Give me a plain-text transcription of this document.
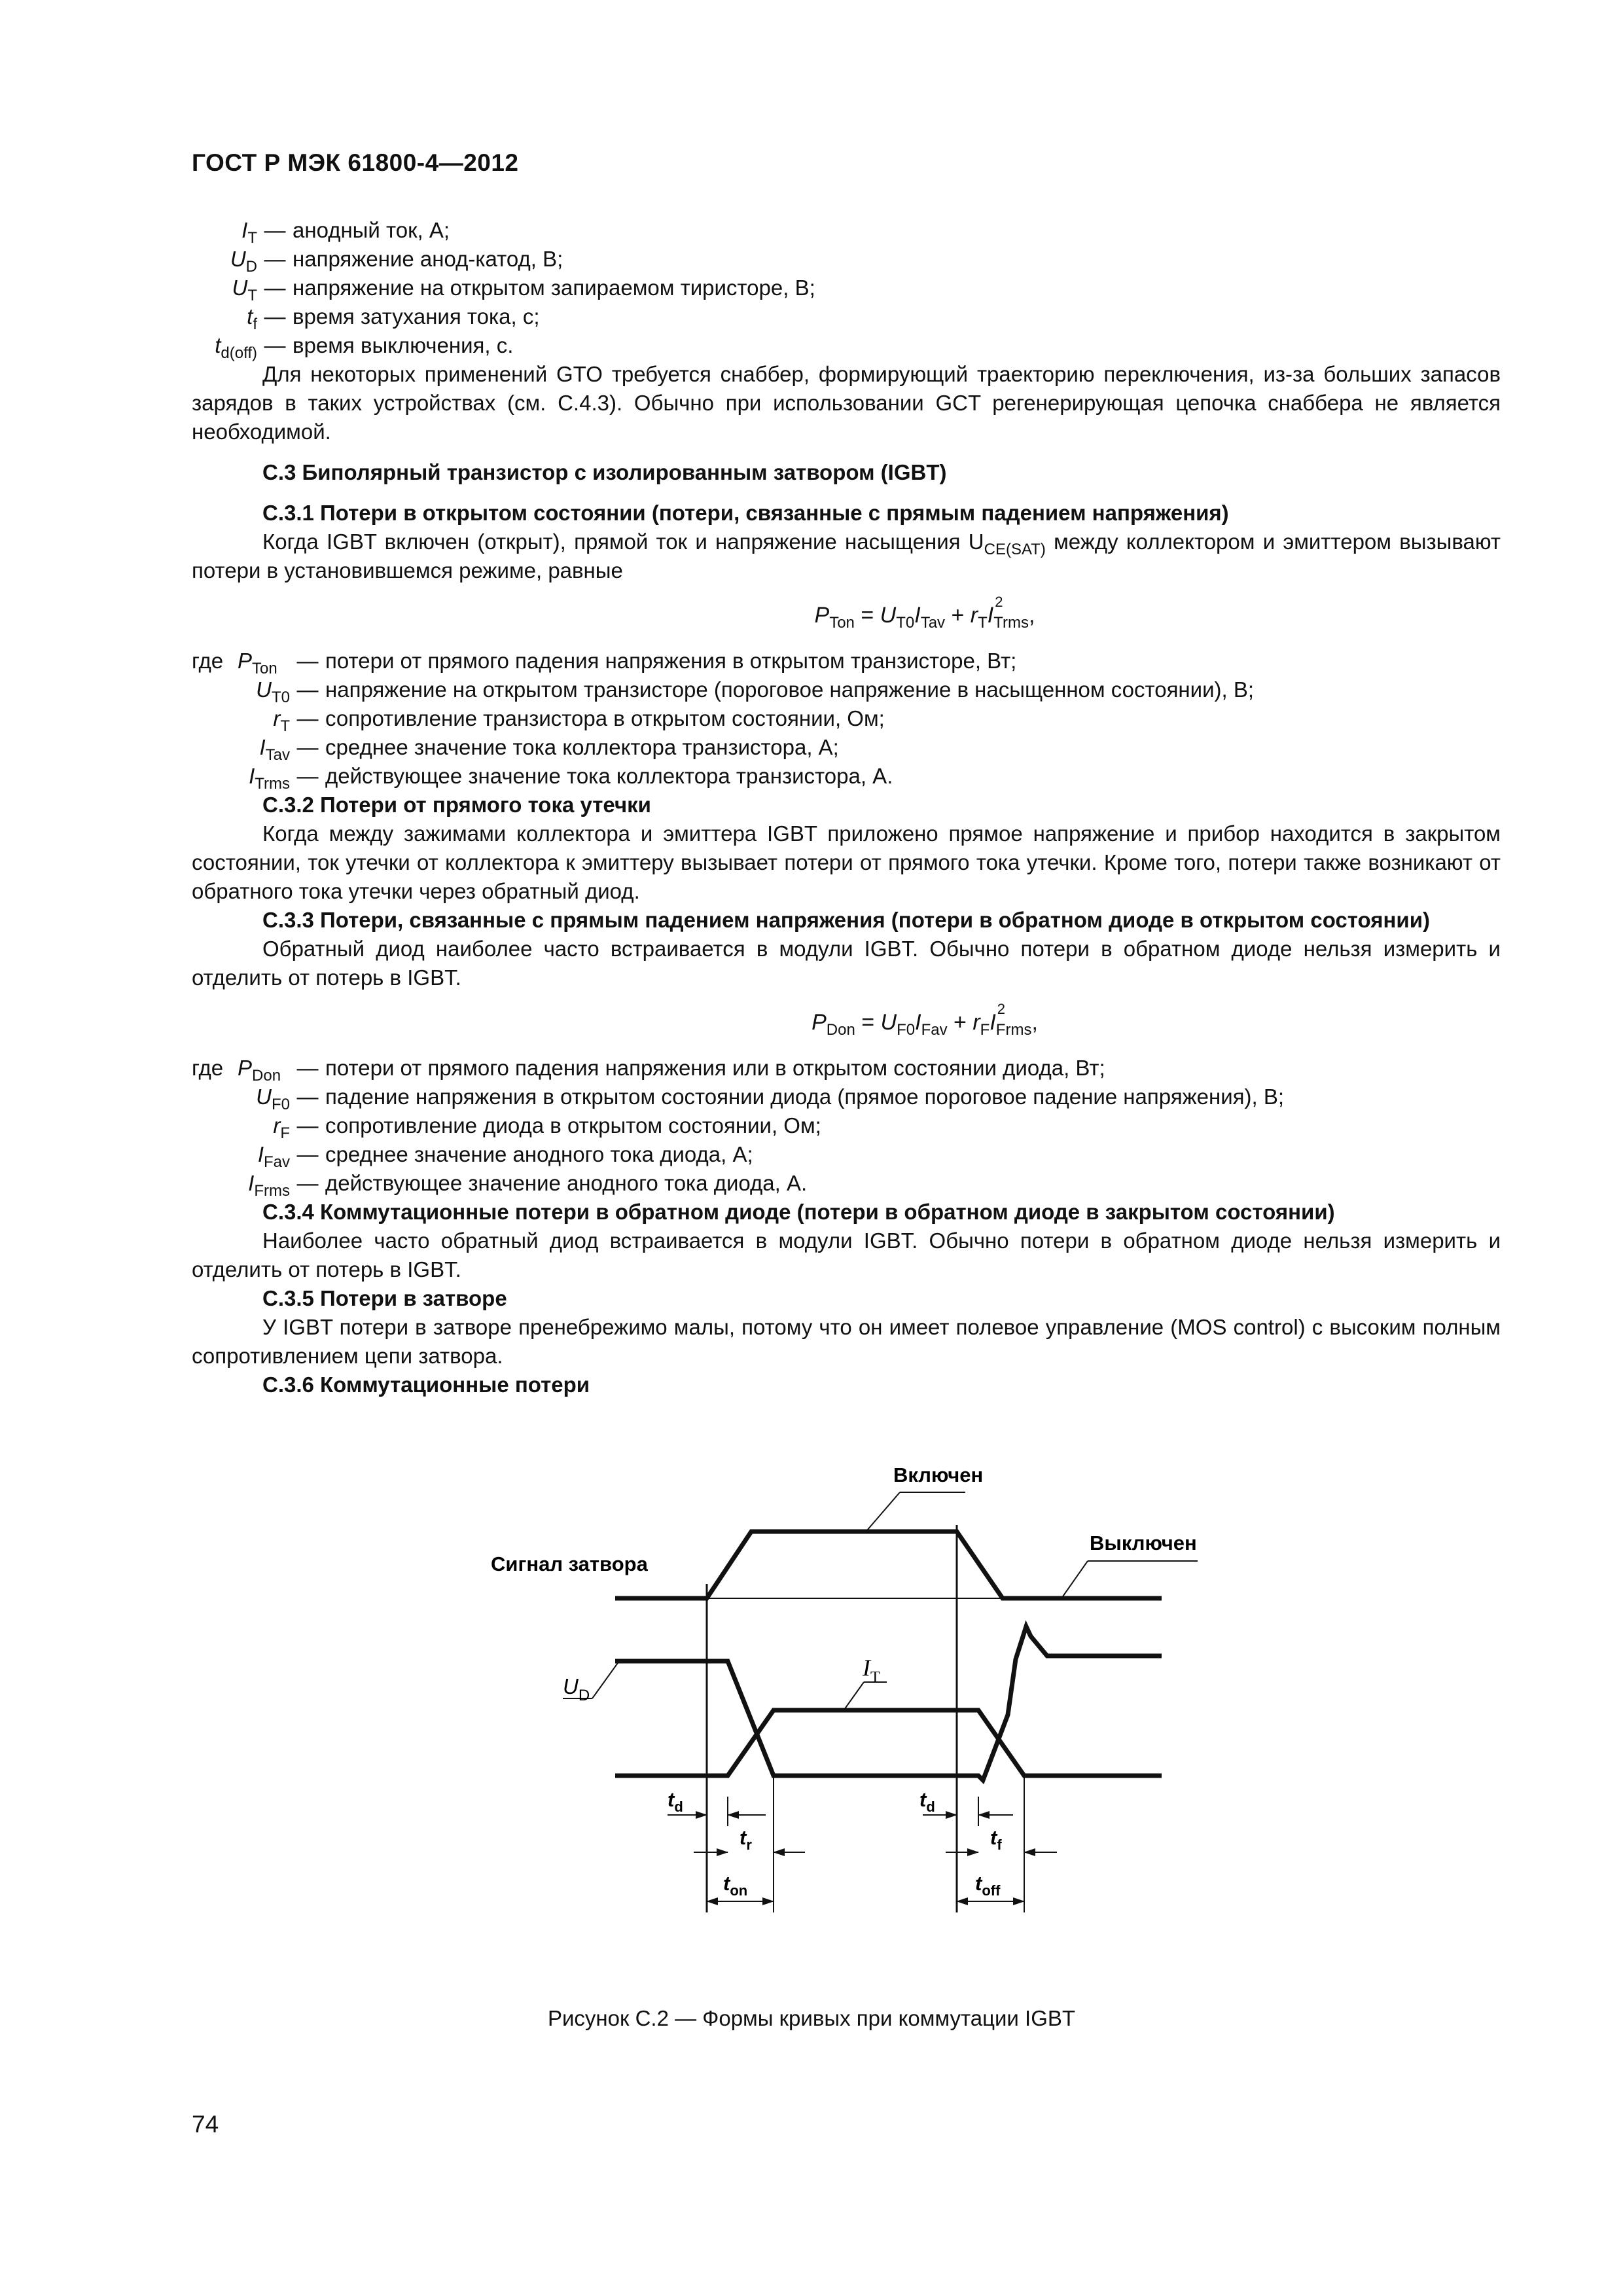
ГОСТ Р МЭК 61800-4—2012
$I_T$ — анодный ток, А;
$U_D$ — напряжение анод-катод, В;
$U_T$ — напряжение на открытом запираемом тиристоре, В;
$t_f$ — время затухания тока, с;
$t_{d(off)}$ — время выключения, с.

Для некоторых применений GTO требуется снаббер, формирующий траекторию переключения, из-за больших запасов зарядов в таких устройствах (см. С.4.3). Обычно при использовании GCT регенерирующая цепочка снаббера не является необходимой.

С.3 Биполярный транзистор с изолированным затвором (IGBT)
С.3.1 Потери в открытом состоянии (потери, связанные с прямым падением напряжения)

Когда IGBT включен (открыт), прямой ток и напряжение насыщения $U_{CE(SAT)}$ между коллектором и эмиттером вызывают потери в установившемся режиме, равные

$P_{Ton} = U_{T0}I_{Tav} + r_TI$
2
$_{Trms}$,
где $P_{Ton}$ — потери от прямого падения напряжения в открытом транзисторе, Вт;
$U_{T0}$ — напряжение на открытом транзисторе (пороговое напряжение в насыщенном состоянии), В;
$r_T$ — сопротивление транзистора в открытом состоянии, Ом;
$I_{Tav}$ — среднее значение тока коллектора транзистора, А;
$I_{Trms}$ — действующее значение тока коллектора транзистора, А.
С.3.2 Потери от прямого тока утечки

Когда между зажимами коллектора и эмиттера IGBT приложено прямое напряжение и прибор находится в закрытом состоянии, ток утечки от коллектора к эмиттеру вызывает потери от прямого тока утечки. Кроме того, потери также возникают от обратного тока утечки через обратный диод.

С.3.3 Потери, связанные с прямым падением напряжения (потери в обратном диоде в открытом состоянии)

Обратный диод наиболее часто встраивается в модули IGBT. Обычно потери в обратном диоде нельзя измерить и отделить от потерь в IGBT.

$P_{Don} = U_{F0}I_{Fav} + r_FI$
2
$_{Frms}$,
где $P_{Don}$ — потери от прямого падения напряжения или в открытом состоянии диода, Вт;
$U_{F0}$ — падение напряжения в открытом состоянии диода (прямое пороговое падение напряжения), В;
$r_F$ — сопротивление диода в открытом состоянии, Ом;
$I_{Fav}$ — среднее значение анодного тока диода, А;
$I_{Frms}$ — действующее значение анодного тока диода, А.
С.3.4 Коммутационные потери в обратном диоде (потери в обратном диоде в закрытом состоянии)

Наиболее часто обратный диод встраивается в модули IGBT. Обычно потери в обратном диоде нельзя измерить и отделить от потерь в IGBT.

С.3.5 Потери в затворе

У IGBT потери в затворе пренебрежимо малы, потому что он имеет полевое управление (MOS control) с высоким полным сопротивлением цепи затвора.

С.3.6 Коммутационные потери
Включен
Выключен
Сигнал затвора
$I_T$
$U_D$
$t_d$
$t_r$
$t_{on}$
$t_d$
$t_f$
$t_{off}$
Рисунок С.2 — Формы кривых при коммутации IGBT
74
